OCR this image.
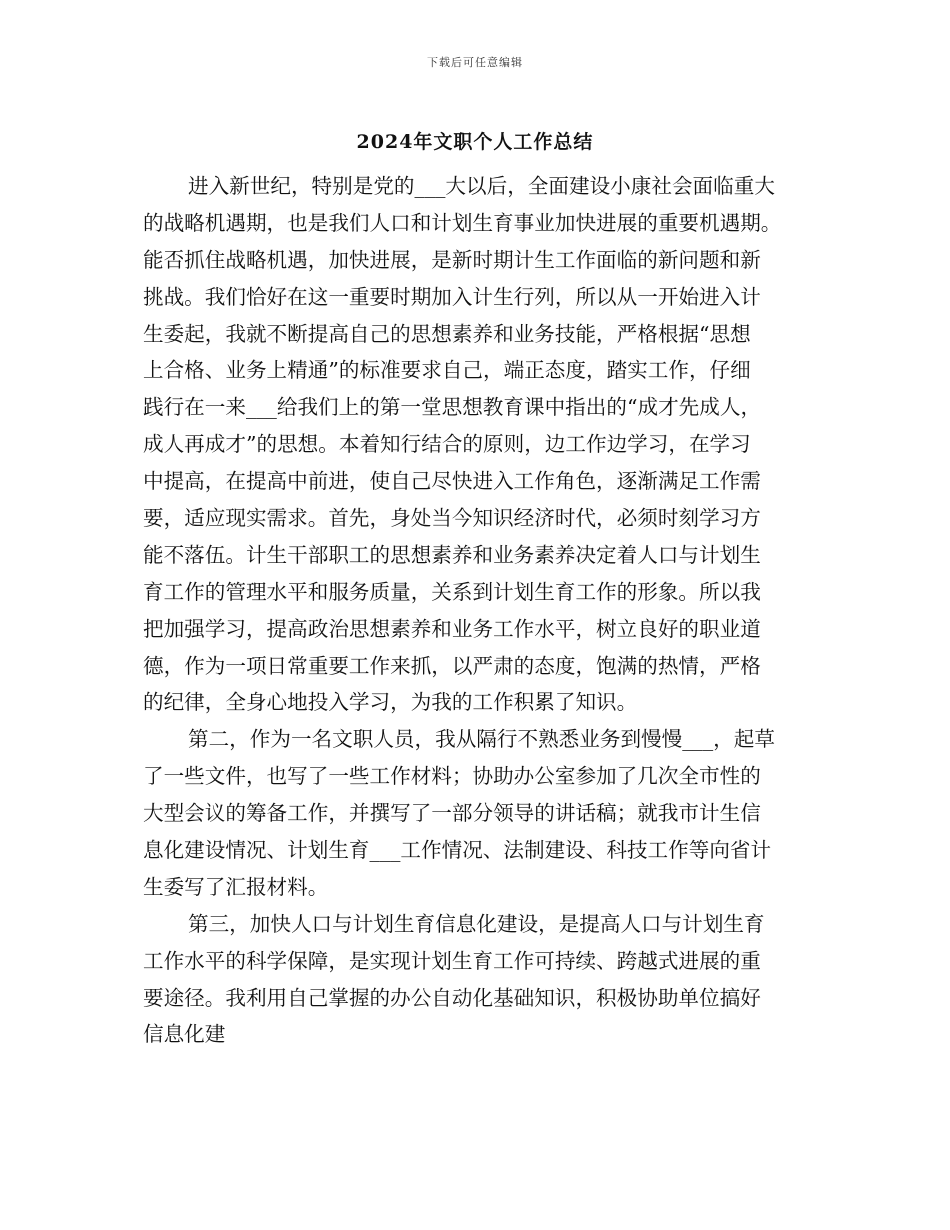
下载后可任意编辑
2024年文职个人工作总结
进入新世纪，特别是党的___大以后，全面建设小康社会面临重大
的战略机遇期，也是我们人口和计划生育事业加快进展的重要机遇期。
能否抓住战略机遇，加快进展，是新时期计生工作面临的新问题和新
挑战。我们恰好在这一重要时期加入计生行列，所以从一开始进入计
生委起，我就不断提高自己的思想素养和业务技能，严格根据“思想
上合格、业务上精通”的标准要求自己，端正态度，踏实工作，仔细
践行在一来___给我们上的第一堂思想教育课中指出的“成才先成人，
成人再成才”的思想。本着知行结合的原则，边工作边学习，在学习
中提高，在提高中前进，使自己尽快进入工作角色，逐渐满足工作需
要，适应现实需求。首先，身处当今知识经济时代，必须时刻学习方
能不落伍。计生干部职工的思想素养和业务素养决定着人口与计划生
育工作的管理水平和服务质量，关系到计划生育工作的形象。所以我
把加强学习，提高政治思想素养和业务工作水平，树立良好的职业道
德，作为一项日常重要工作来抓，以严肃的态度，饱满的热情，严格
的纪律，全身心地投入学习，为我的工作积累了知识。
第二，作为一名文职人员，我从隔行不熟悉业务到慢慢___，起草
了一些文件，也写了一些工作材料；协助办公室参加了几次全市性的
大型会议的筹备工作，并撰写了一部分领导的讲话稿；就我市计生信
息化建设情况、计划生育___工作情况、法制建设、科技工作等向省计
生委写了汇报材料。
第三，加快人口与计划生育信息化建设，是提高人口与计划生育
工作水平的科学保障，是实现计划生育工作可持续、跨越式进展的重
要途径。我利用自己掌握的办公自动化基础知识，积极协助单位搞好
信息化建
